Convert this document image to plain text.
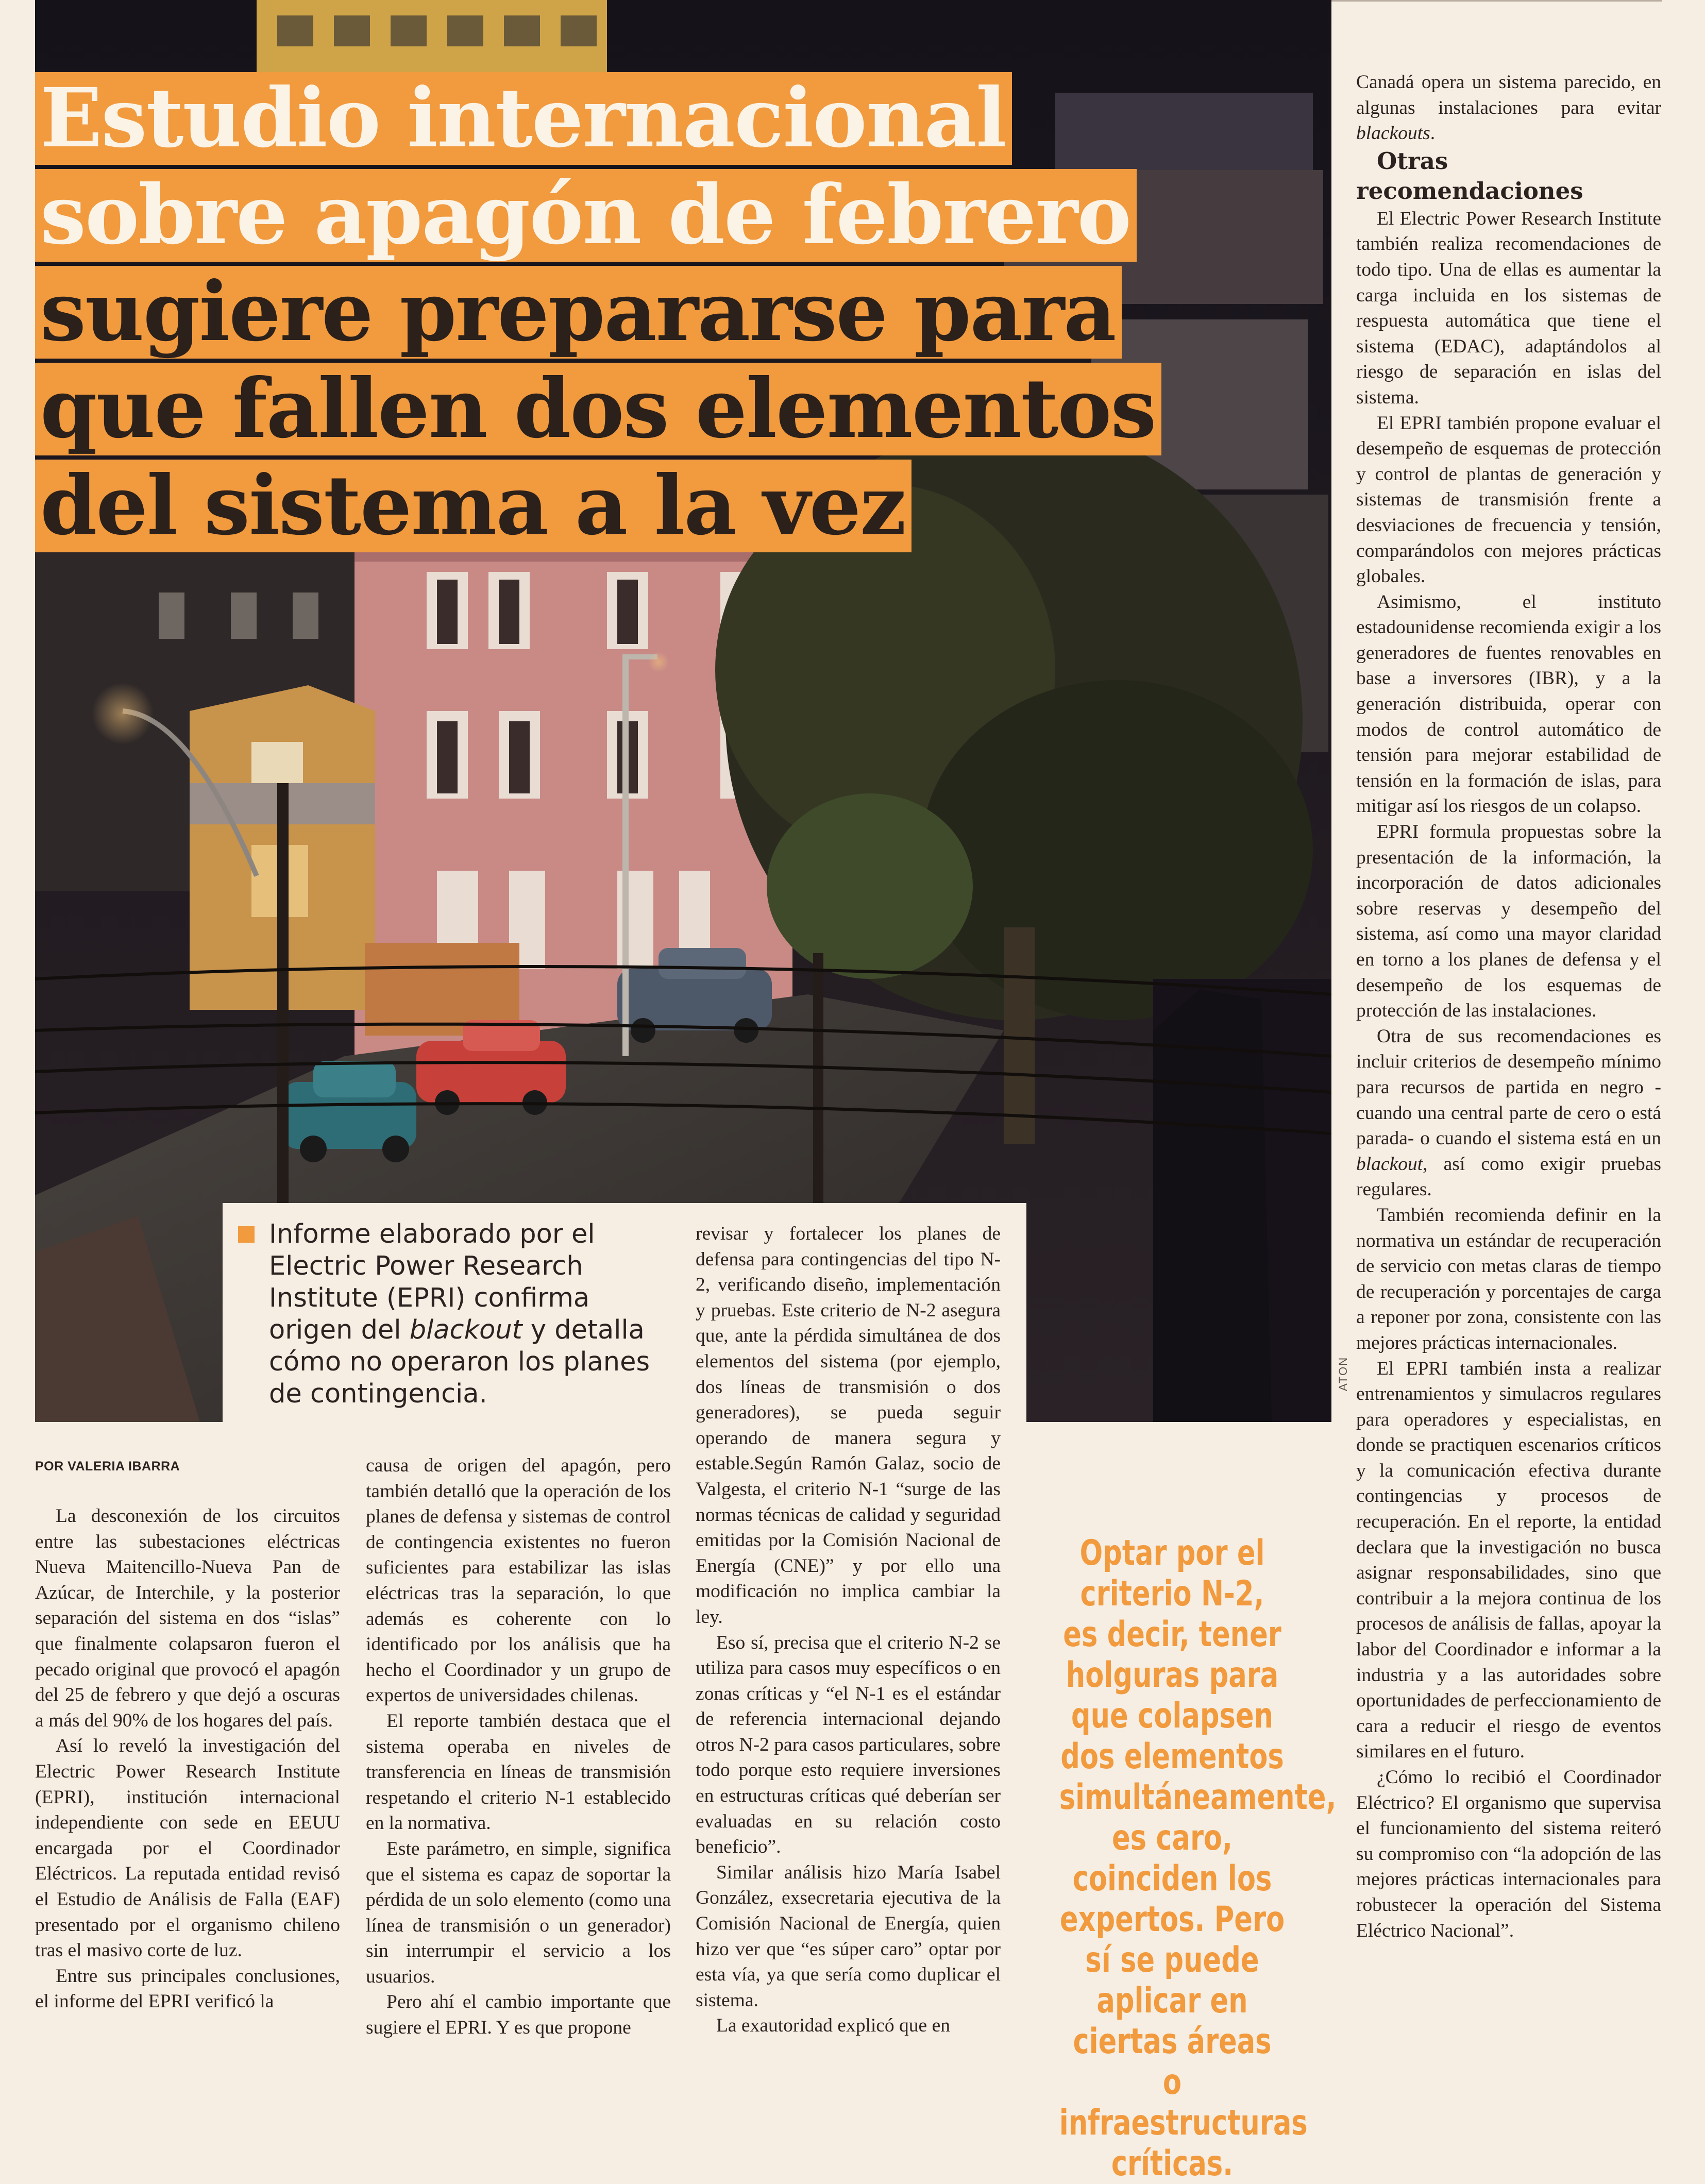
ATON
Estudio internacional
sobre apagón de febrero
sugiere prepararse para
que fallen dos elementos
del sistema a la vez
Informe elaborado por el Electric Power Research Institute (EPRI) confirma origen del blackout y detalla cómo no operaron los planes de contingencia.
POR VALERIA IBARRA

La desconexión de los circuitos entre las subestaciones eléctricas Nueva Maitencillo-Nueva Pan de Azúcar, de Interchile, y la posterior separación del sistema en dos “islas” que finalmente colapsaron fueron el pecado original que provocó el apagón del 25 de febrero y que dejó a oscuras a más del 90% de los hogares del país.

Así lo reveló la investigación del Electric Power Research Institute (EPRI), institución internacional independiente con sede en EEUU encargada por el Coordinador Eléctricos. La reputada entidad revisó el Estudio de Análisis de Falla (EAF) presentado por el organismo chileno tras el masivo corte de luz.

Entre sus principales conclusiones, el informe del EPRI verificó la

causa de origen del apagón, pero también detalló que la operación de los planes de defensa y sistemas de control de contingencia existentes no fueron suficientes para estabilizar las islas eléctricas tras la separación, lo que además es coherente con lo identificado por los análisis que ha hecho el Coordinador y un grupo de expertos de universidades chilenas.

El reporte también destaca que el sistema operaba en niveles de transferencia en líneas de transmisión respetando el criterio N-1 establecido en la normativa.

Este parámetro, en simple, significa que el sistema es capaz de soportar la pérdida de un solo elemento (como una línea de transmisión o un generador) sin interrumpir el servicio a los usuarios.

Pero ahí el cambio importante que sugiere el EPRI. Y es que propone

revisar y fortalecer los planes de defensa para contingencias del tipo N-2, verificando diseño, implementación y pruebas. Este criterio de N-2 asegura que, ante la pérdida simultánea de dos elementos del sistema (por ejemplo, dos líneas de transmisión o dos generadores), se pueda seguir operando de manera segura y estable.Según Ramón Galaz, socio de Valgesta, el criterio N-1 “surge de las normas técnicas de calidad y seguridad emitidas por la Comisión Nacional de Energía (CNE)” y por ello una modificación no implica cambiar la ley.

Eso sí, precisa que el criterio N-2 se utiliza para casos muy específicos o en zonas críticas y “el N-1 es el estándar de referencia internacional dejando otros N-2 para casos particulares, sobre todo porque esto requiere inversiones en estructuras críticas qué deberían ser evaluadas en su relación costo beneficio”.

Similar análisis hizo María Isabel González, exsecretaria ejecutiva de la Comisión Nacional de Energía, quien hizo ver que “es súper caro” optar por esta vía, ya que sería como duplicar el sistema.

La exautoridad explicó que en

Optar por el criterio N-2, es decir, tener holguras para que colapsen dos elementos simultáneamente, es caro, coinciden los expertos. Pero sí se puede aplicar en ciertas áreas o infraestructuras críticas.

Canadá opera un sistema parecido, en algunas instalaciones para evitar blackouts.

Otras recomendaciones

El Electric Power Research Institute también realiza recomendaciones de todo tipo. Una de ellas es aumentar la carga incluida en los sistemas de respuesta automática que tiene el sistema (EDAC), adaptándolos al riesgo de separación en islas del sistema.

El EPRI también propone evaluar el desempeño de esquemas de protección y control de plantas de generación y sistemas de transmisión frente a desviaciones de frecuencia y tensión, comparándolos con mejores prácticas globales.

Asimismo, el instituto estadounidense recomienda exigir a los generadores de fuentes renovables en base a inversores (IBR), y a la generación distribuida, operar con modos de control automático de tensión para mejorar estabilidad de tensión en la formación de islas, para mitigar así los riesgos de un colapso.

EPRI formula propuestas sobre la presentación de la información, la incorporación de datos adicionales sobre reservas y desempeño del sistema, así como una mayor claridad en torno a los planes de defensa y el desempeño de los esquemas de protección de las instalaciones.

Otra de sus recomendaciones es incluir criterios de desempeño mínimo para recursos de partida en negro -cuando una central parte de cero o está parada- o cuando el sistema está en un blackout, así como exigir pruebas regulares.

También recomienda definir en la normativa un estándar de recuperación de servicio con metas claras de tiempo de recuperación y porcentajes de carga a reponer por zona, consistente con las mejores prácticas internacionales.

El EPRI también insta a realizar entrenamientos y simulacros regulares para operadores y especialistas, en donde se practiquen escenarios críticos y la comunicación efectiva durante contingencias y procesos de recuperación. En el reporte, la entidad declara que la investigación no busca asignar responsabilidades, sino que contribuir a la mejora continua de los procesos de análisis de fallas, apoyar la labor del Coordinador e informar a la industria y a las autoridades sobre oportunidades de perfeccionamiento de cara a reducir el riesgo de eventos similares en el futuro.

¿Cómo lo recibió el Coordinador Eléctrico? El organismo que supervisa el funcionamiento del sistema reiteró su compromiso con “la adopción de las mejores prácticas internacionales para robustecer la operación del Sistema Eléctrico Nacional”.
